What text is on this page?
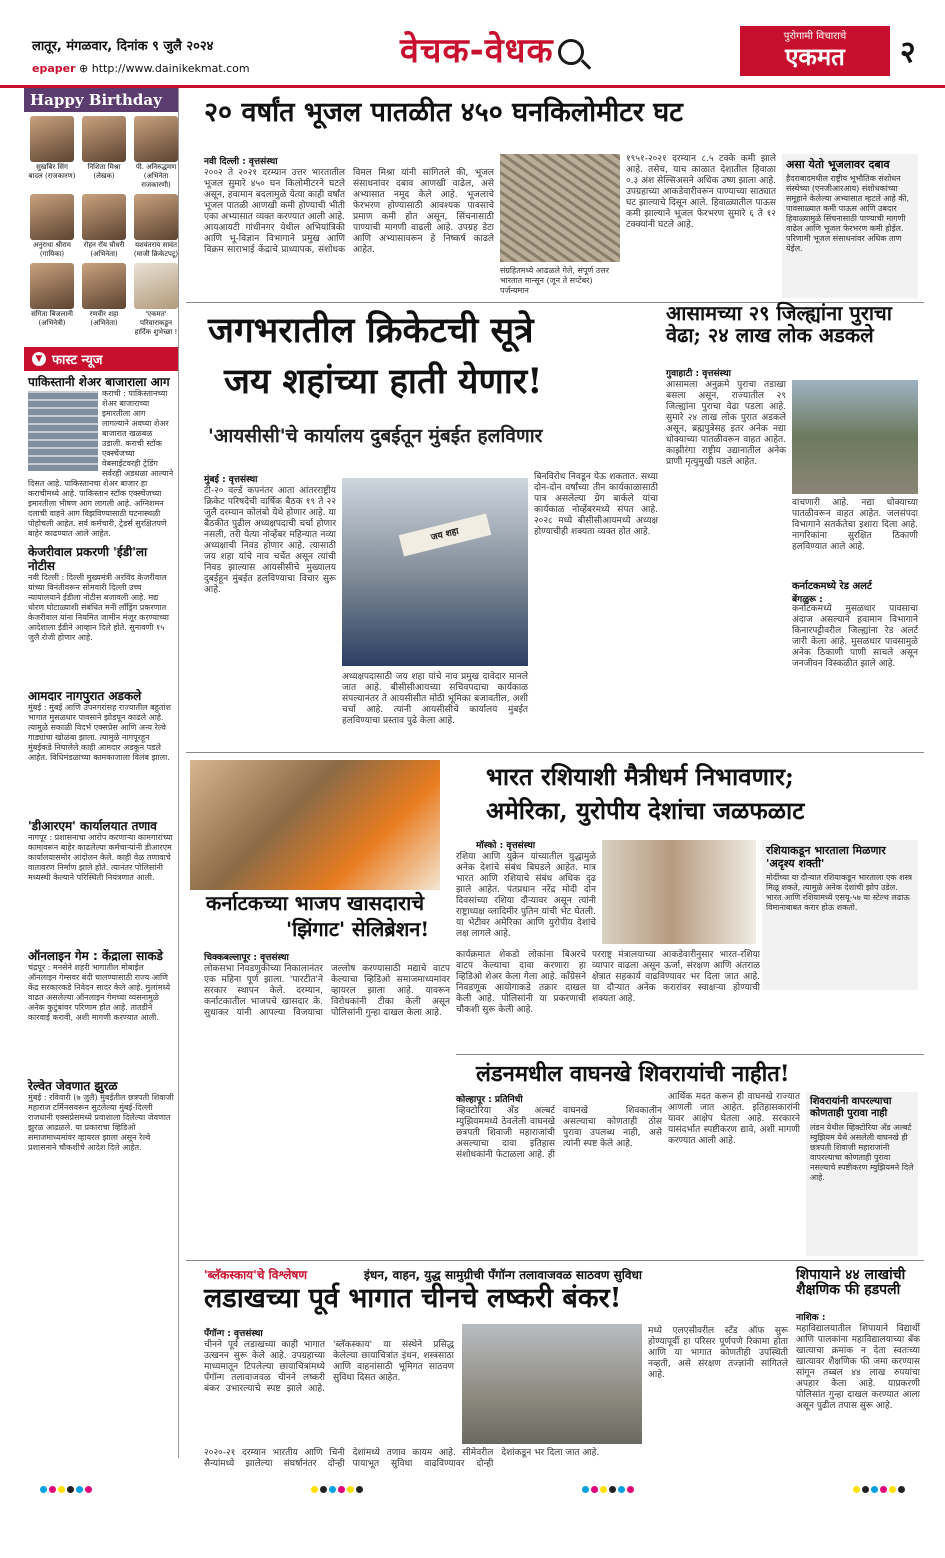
लातूर, मंगळवार, दिनांक ९ जुलै २०२४
epaper ⊕ http://www.dainikekmat.com	वेचक-वेधक	पुरोगामी विचाराचे
एकमत	२
Happy Birthday
सुखबिर सिंग बादल (राजकारण)
निशिता मिश्रा (लेखक)
पी. अनिरुद्धमण (अभिनेता राजकारणी)
अनुराधा श्रीराम (गायिका)
रोहन रॉय चौधरी (अभिनेता)
यशवंतराय सावंत (माजी क्रिकेटपटू)
संगिता बिजलानी (अभिनेत्री)
रणवीर शहा (अभिनेता)
'एकमत' परिवाराकडून हार्दिक शुभेच्छा !
▼ फास्ट न्यूज
पाकिस्तानी शेअर बाजाराला आग
कराची : पाकिस्तानच्या शेअर बाजाराच्या इमारतीला आग लागल्याने अवघ्या शेअर बाजारात खळबळ उडाली. कराची स्टॉक एक्स्चेंजच्या वेबसाईटवरही ट्रेडिंग सर्वरही अडथळा आल्याने दिसत आहे. पाकिस्तानचा शेअर बाजार हा कराचीमध्ये आहे. पाकिस्तान स्टॉक एक्स्चेंजच्या इमारतीला भीषण आग लागली आहे. अग्निशमन दलाची वाहने आग विझविण्यासाठी घटनास्थळी पोहोचली आहेत. सर्व कर्मचारी, ट्रेडर्स सुरक्षितपणे बाहेर काढण्यात आले आहेत.
केजरीवाल प्रकरणी 'ईडी'ला नोटीस
नवी दिल्ली : दिल्ली मुख्यमंत्री अरविंद केजरीवाल यांच्या विनंतीवरून सोमवारी दिल्ली उच्च न्यायालयाने ईडीला नोटीस बजावली आहे. मद्य धोरण घोटाळ्याशी संबंधित मनी लाँड्रिंग प्रकरणात केजरीवाल यांना नियमित जामीन मंजूर करण्याच्या आदेशाला ईडीने आव्हान दिले होते. सुनावणी १५ जुलै रोजी होणार आहे.
आमदार नागपुरात अडकले
मुंबई : मुंबई आणि उपनगरांसह राज्यातील बहुतांश भागात मुसळधार पावसाने झोडपून काढले आहे. त्यामुळे सकाळी विदर्भ एक्सप्रेस आणि अन्य रेल्वे गाड्यांचा खोळंबा झाला. त्यामुळे नागपूरहून मुंबईकडे निघालेले काही आमदार अडकून पडले आहेत. विधिमंडळाच्या कामकाजाला विलंब झाला.
'डीआरएम' कार्यालयात तणाव
नागपूर : प्रशासनाचा आरोप करणाऱ्या कामगारांच्या कामावरून बाहेर काढलेल्या कर्मचाऱ्यांनी डीआरएम कार्यालयासमोर आंदोलन केले. काही वेळ तणावाचे वातावरण निर्माण झाले होते. त्यानंतर पोलिसांनी मध्यस्थी केल्याने परिस्थिती नियंत्रणात आली.
ऑनलाइन गेम : केंद्राला साकडे
चंद्रपूर : मनसेने शहरी भागातील मोबाईल ऑनलाइन गेम्सवर बंदी घालण्यासाठी राज्य आणि केंद्र सरकारकडे निवेदन सादर केले आहे. मुलांमध्ये वाढत असलेल्या ऑनलाइन गेमच्या व्यसनामुळे अनेक कुटुंबांवर परिणाम होत आहे. तातडीने कारवाई करावी, अशी मागणी करण्यात आली.
रेल्वेत जेवणात झुरळ
मुंबई : रविवारी (७ जुलै) मुंबईतील छत्रपती शिवाजी महाराज टर्मिनसवरून सुटलेल्या मुंबई-दिल्ली राजधानी एक्सप्रेसमध्ये प्रवाशाला दिलेल्या जेवणात झुरळ आढळले. या प्रकाराचा व्हिडिओ समाजमाध्यमांवर व्हायरल झाला असून रेल्वे प्रशासनाने चौकशीचे आदेश दिले आहेत.
२० वर्षांत भूजल पातळीत ४५० घनकिलोमीटर घट
नवी दिल्ली : वृत्तसंस्था
२००२ ते २०२१ दरम्यान उत्तर भारतातील भूजल सुमारे ४५० घन किलोमीटरने घटले असून, हवामान बदलामुळे येत्या काही वर्षांत भूजल पातळी आणखी कमी होण्याची भीती एका अभ्यासात व्यक्त करण्यात आली आहे. आयआयटी गांधीनगर येथील अभियांत्रिकी आणि भू-विज्ञान विभागाने प्रमुख आणि विक्रम साराभाई केंद्राचे प्राध्यापक, संशोधक विमल मिश्रा यांनी सांगितले की, भूजल संसाधनांवर दबाव आणखी वाढेल, असे अभ्यासात नमूद केले आहे. भूजलाचे फेरभरण होण्यासाठी आवश्यक पावसाचे प्रमाण कमी होत असून, सिंचनासाठी पाण्याची मागणी वाढली आहे. उपग्रह डेटा आणि अभ्यासावरून हे निष्कर्ष काढले आहेत.
संग्रहितमध्ये आढळले गेले, संपूर्ण उत्तर भारतात मान्सून (जून ते सप्टेंबर) पर्जन्यमान
१९५१-२०२१ दरम्यान ८.५ टक्के कमी झाले आहे. तसेच, याच काळात देशातील हिवाळा ०.३ अंश सेल्सिअसने अधिक उष्ण झाला आहे. उपग्रहाच्या आकडेवारीवरून पाण्याच्या साठ्यात घट झाल्याचे दिसून आले. हिवाळ्यातील पाऊस कमी झाल्याने भूजल फेरभरण सुमारे ६ ते १२ टक्क्यांनी घटले आहे.
असा येतो भूजलावर दबाव
हैदराबादमधील राष्ट्रीय भूभौतिक संशोधन संस्थेच्या (एनजीआरआय) संशोधकांच्या समूहाने केलेल्या अभ्यासात म्हटले आहे की, पावसाळ्यात कमी पाऊस आणि उबदार हिवाळ्यामुळे सिंचनासाठी पाण्याची मागणी वाढेल आणि भूजल फेरभरण कमी होईल. परिणामी भूजल संसाधनांवर अधिक ताण येईल.
जगभरातील क्रिकेटची सूत्रे
जय शहांच्या हाती येणार!
'आयसीसी'चे कार्यालय दुबईतून मुंबईत हलविणार
मुंबई : वृत्तसंस्था
टी-२० वर्ल्ड कपनंतर आता आंतरराष्ट्रीय क्रिकेट परिषदेची वार्षिक बैठक १९ ते २२ जुलै दरम्यान कोलंबो येथे होणार आहे. या बैठकीत पुढील अध्यक्षपदाची चर्चा होणार नसली, तरी येत्या नोव्हेंबर महिन्यात नव्या अध्यक्षाची निवड होणार आहे. त्यासाठी जय शहा यांचे नाव चर्चेत असून त्यांची निवड झाल्यास आयसीसीचे मुख्यालय दुबईहून मुंबईत हलविण्याचा विचार सुरू आहे.
जय शहा
अध्यक्षपदासाठी जय शहा यांचे नाव प्रमुख दावेदार मानले जात आहे. बीसीसीआयच्या सचिवपदाचा कार्यकाळ संपल्यानंतर ते आयसीसीत मोठी भूमिका बजावतील, अशी चर्चा आहे. त्यांनी आयसीसीचे कार्यालय मुंबईत हलविण्याचा प्रस्ताव पुढे केला आहे.
बिनविरोध निवडून येऊ शकतात. सध्या दोन-दोन वर्षांच्या तीन कार्यकाळासाठी पात्र असलेल्या ग्रेग बार्कले यांचा कार्यकाळ नोव्हेंबरमध्ये संपत आहे. २०२८ मध्ये बीसीसीआयमध्ये अध्यक्ष होण्याचीही शक्यता व्यक्त होत आहे.
आसामच्या २९ जिल्ह्यांना पुराचा वेढा; २४ लाख लोक अडकले
गुवाहाटी : वृत्तसंस्था
आसामला अनुक्रमे पुराचा तडाखा बसला असून, राज्यातील २९ जिल्ह्यांना पुराचा वेढा पडला आहे. सुमारे २४ लाख लोक पुरात अडकले असून, ब्रह्मपुत्रेसह इतर अनेक नद्या धोक्याच्या पातळीवरून वाहत आहेत. काझीरंगा राष्ट्रीय उद्यानातील अनेक प्राणी मृत्युमुखी पडले आहेत.
वाचणारी आहे. नद्या धोक्याच्या पातळीवरून वाहत आहेत. जलसंपदा विभागाने सतर्कतेचा इशारा दिला आहे. नागरिकांना सुरक्षित ठिकाणी हलविण्यात आले आहे.
कर्नाटकमध्ये रेड अलर्ट
बेंगळुरू :
कर्नाटकमध्ये मुसळधार पावसाचा अंदाज असल्याने हवामान विभागाने किनारपट्टीवरील जिल्ह्यांना रेड अलर्ट जारी केला आहे. मुसळधार पावसामुळे अनेक ठिकाणी पाणी साचले असून जनजीवन विस्कळीत झाले आहे.
कर्नाटकच्या भाजप खासदाराचे
'झिंगाट' सेलिब्रेशन!
चिक्कबल्लापूर : वृत्तसंस्था
लोकसभा निवडणुकीच्या निकालानंतर एक महिना पूर्ण झाला. 'पारटीत'ने सरकार स्थापन केले. दरम्यान, कर्नाटकातील भाजपचे खासदार के. सुधाकर यांनी आपल्या विजयाचा जल्लोष करण्यासाठी मद्याचे वाटप केल्याचा व्हिडिओ समाजमाध्यमांवर व्हायरल झाला आहे. यावरून विरोधकांनी टीका केली असून पोलिसांनी गुन्हा दाखल केला आहे.
कार्यक्रमात शेकडो लोकांना बिअरचे वाटप केल्याचा दावा करणारा हा व्हिडिओ शेअर केला गेला आहे. काँग्रेसने निवडणूक आयोगाकडे तक्रार दाखल केली आहे. पोलिसांनी या प्रकरणाची चौकशी सुरू केली आहे.
भारत रशियाशी मैत्रीधर्म निभावणार;
अमेरिका, युरोपीय देशांचा जळफळाट
मॉस्को : वृत्तसंस्था
रशिया आणि युक्रेन यांच्यातील युद्धामुळे अनेक देशांचे संबंध बिघडले आहेत. मात्र भारत आणि रशियाचे संबंध अधिक दृढ झाले आहेत. पंतप्रधान नरेंद्र मोदी दोन दिवसांच्या रशिया दौऱ्यावर असून त्यांनी राष्ट्राध्यक्ष व्लादिमीर पुतिन यांची भेट घेतली. या भेटीवर अमेरिका आणि युरोपीय देशांचे लक्ष लागले आहे.
परराष्ट्र मंत्रालयाच्या आकडेवारीनुसार भारत-रशिया व्यापार वाढला असून ऊर्जा, संरक्षण आणि अंतराळ क्षेत्रात सहकार्य वाढविण्यावर भर दिला जात आहे. या दौऱ्यात अनेक करारांवर स्वाक्षऱ्या होण्याची शक्यता आहे.
रशियाकडून भारताला मिळणार 'अदृश्य शक्ती'
मोदींच्या या दौऱ्यात रशियाकडून भारताला एक शस्त्र मिळू शकते, त्यामुळे अनेक देशांची झोप उडेल. भारत आणि रशियामध्ये एसयू-५७ या स्टेल्थ लढाऊ विमानाबाबत करार होऊ शकतो.
लंडनमधील वाघनखे शिवरायांची नाहीत!
कोल्हापूर : प्रतिनिधी
व्हिक्टोरिया अँड अल्बर्ट म्युझियममध्ये ठेवलेली वाघनखे छत्रपती शिवाजी महाराजांची असल्याचा दावा इतिहास संशोधकांनी फेटाळला आहे. ही वाघनखे शिवकालीन असल्याचा कोणताही ठोस पुरावा उपलब्ध नाही, असे त्यांनी स्पष्ट केले आहे.
आर्थिक मदत करून ही वाघनखे राज्यात आणली जात आहेत. इतिहासकारांनी यावर आक्षेप घेतला आहे. सरकारने यासंदर्भात स्पष्टीकरण द्यावे, अशी मागणी करण्यात आली आहे.
शिवरायांनी वापरल्याचा कोणताही पुरावा नाही
लंडन येथील व्हिक्टोरिया अँड अल्बर्ट म्युझियम येथे असलेली वाघनखे ही छत्रपती शिवाजी महाराजांनी वापरल्याचा कोणताही पुरावा नसल्याचे स्पष्टीकरण म्युझियमने दिले आहे.
'ब्लॅकस्काय'चे विश्लेषण	इंधन, वाहन, युद्ध सामुग्रीची पॅंगॉन्ग तलावाजवळ साठवण सुविधा
लडाखच्या पूर्व भागात चीनचे लष्करी बंकर!
पॅंगॉन्ग : वृत्तसंस्था
चीनने पूर्व लडाखच्या काही भागात उत्खनन सुरू केले आहे. उपग्रहाच्या माध्यमातून टिपलेल्या छायाचित्रांमध्ये पॅंगॉन्ग तलावाजवळ चीनने लष्करी बंकर उभारल्याचे स्पष्ट झाले आहे. 'ब्लॅकस्काय' या संस्थेने प्रसिद्ध केलेल्या छायाचित्रांत इंधन, शस्त्रसाठा आणि वाहनांसाठी भूमिगत साठवण सुविधा दिसत आहेत.
२०२०-२१ दरम्यान भारतीय आणि चिनी सैन्यांमध्ये झालेल्या संघर्षानंतर दोन्ही देशांमध्ये तणाव कायम आहे. सीमेवरील पायाभूत सुविधा वाढविण्यावर दोन्ही देशांकडून भर दिला जात आहे.
मध्ये एलएसीवरील स्टँड ऑफ सुरू होण्यापूर्वी हा परिसर पूर्णपणे रिकामा होता आणि या भागात कोणतीही उपस्थिती नव्हती, असे संरक्षण तज्ज्ञांनी सांगितले आहे.
शिपायाने ४४ लाखांची शैक्षणिक फी हडपली
नाशिक :
महाविद्यालयातील शिपायाने विद्यार्थी आणि पालकांना महाविद्यालयाच्या बँक खात्याचा क्रमांक न देता स्वतःच्या खात्यावर शैक्षणिक फी जमा करण्यास सांगून तब्बल ४४ लाख रुपयांचा अपहार केला आहे. याप्रकरणी पोलिसांत गुन्हा दाखल करण्यात आला असून पुढील तपास सुरू आहे.
